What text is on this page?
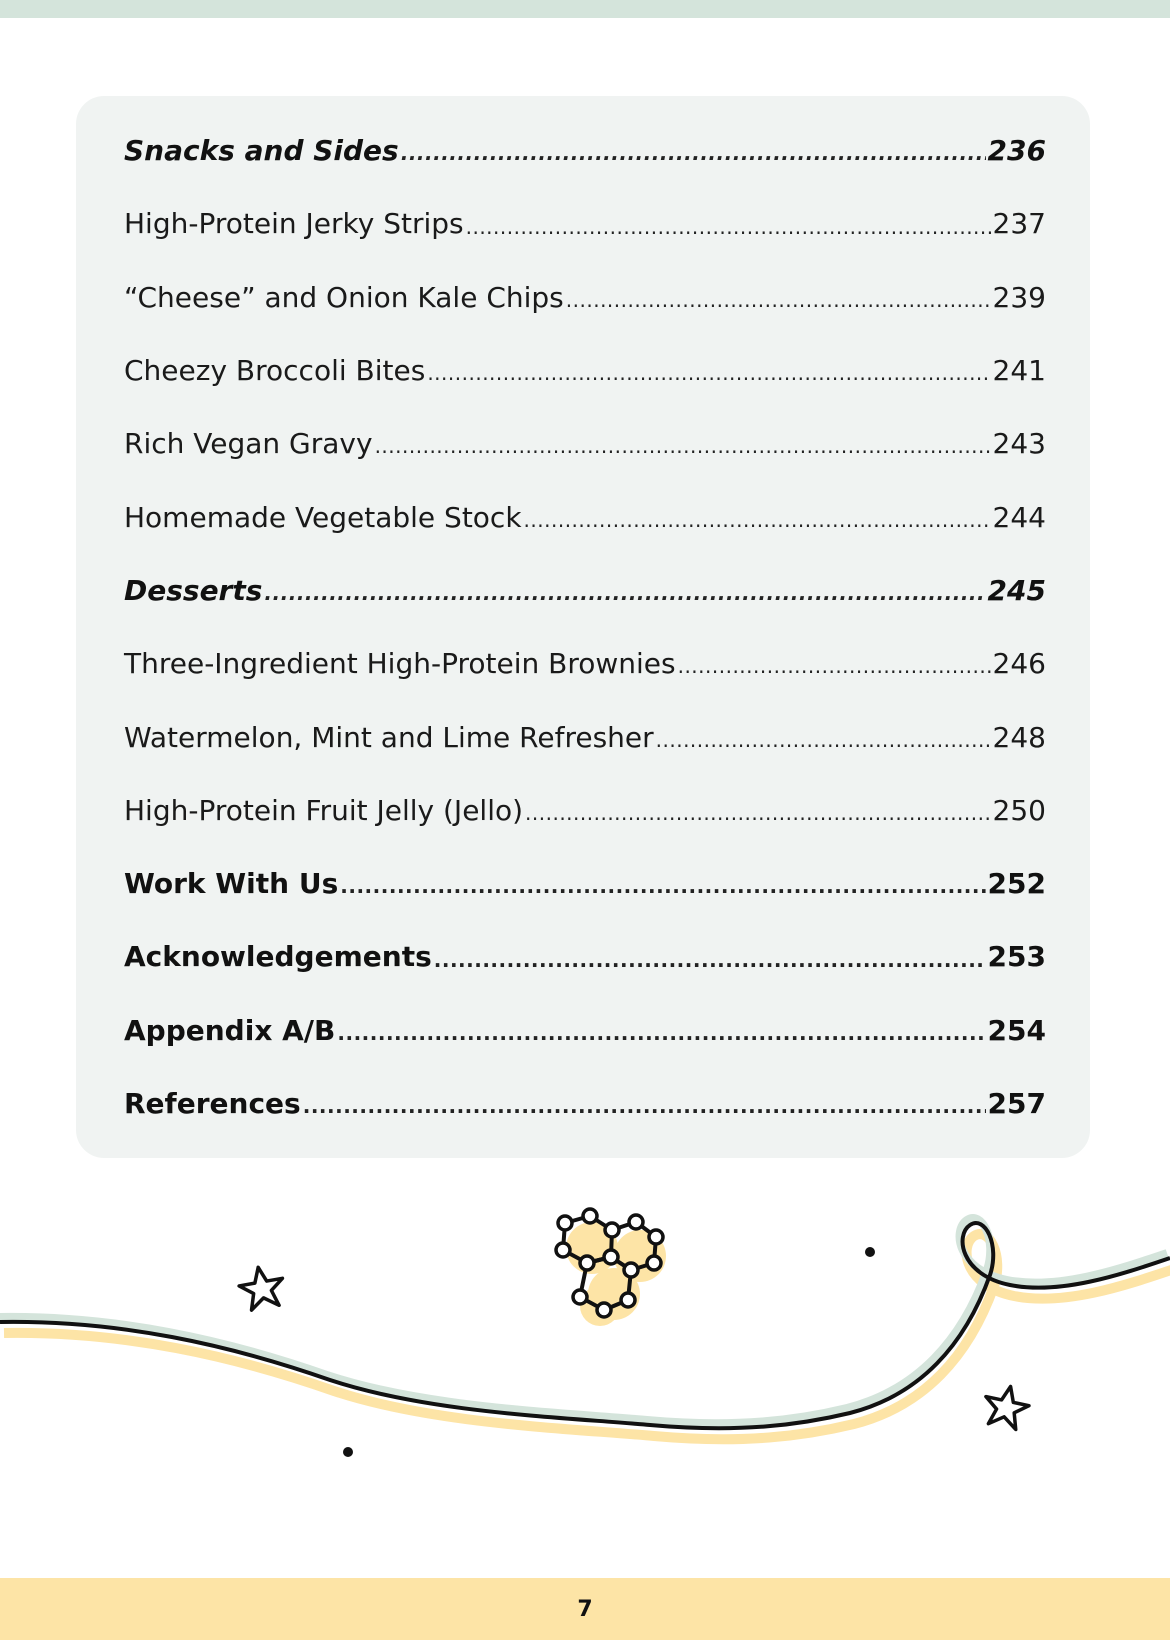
Snacks and Sides .....	236
High-Protein Jerky Strips .....	237
“Cheese” and Onion Kale Chips .....	239
Cheezy Broccoli Bites .....	241
Rich Vegan Gravy .....	243
Homemade Vegetable Stock .....	244
Desserts .....	245
Three-Ingredient High-Protein Brownies .....	246
Watermelon, Mint and Lime Refresher .....	248
High-Protein Fruit Jelly (Jello) .....	250
Work With Us .....	252
Acknowledgements .....	253
Appendix A/B .....	254
References .....	257
7
